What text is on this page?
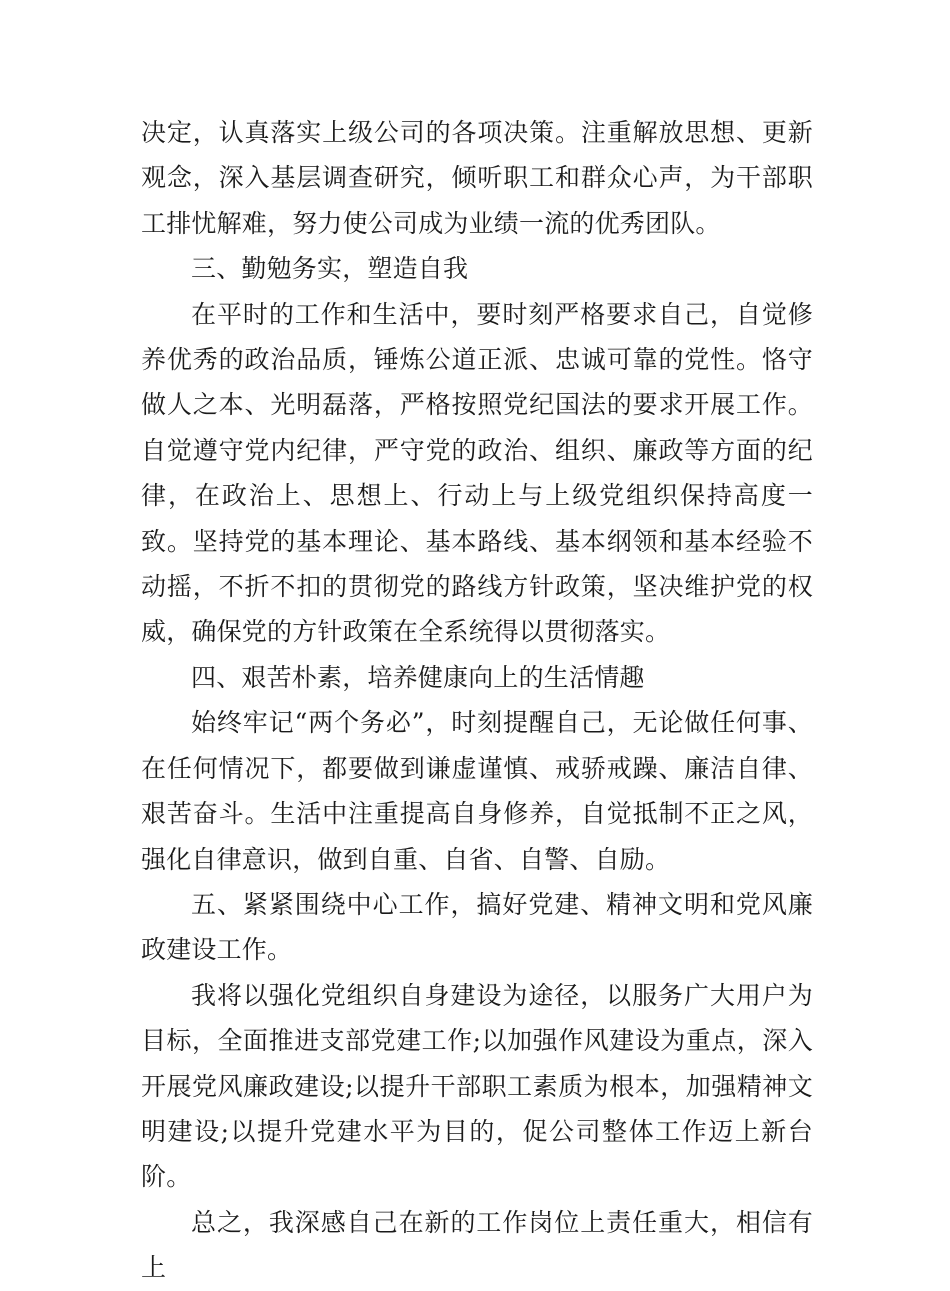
决定，认真落实上级公司的各项决策。注重解放思想、更新观念，深入基层调查研究，倾听职工和群众心声，为干部职工排忧解难，努力使公司成为业绩一流的优秀团队。

三、勤勉务实，塑造自我

在平时的工作和生活中，要时刻严格要求自己，自觉修养优秀的政治品质，锤炼公道正派、忠诚可靠的党性。恪守做人之本、光明磊落，严格按照党纪国法的要求开展工作。自觉遵守党内纪律，严守党的政治、组织、廉政等方面的纪律，在政治上、思想上、行动上与上级党组织保持高度一致。坚持党的基本理论、基本路线、基本纲领和基本经验不动摇，不折不扣的贯彻党的路线方针政策，坚决维护党的权威，确保党的方针政策在全系统得以贯彻落实。

四、艰苦朴素，培养健康向上的生活情趣

始终牢记“两个务必”，时刻提醒自己，无论做任何事、在任何情况下，都要做到谦虚谨慎、戒骄戒躁、廉洁自律、艰苦奋斗。生活中注重提高自身修养，自觉抵制不正之风，强化自律意识，做到自重、自省、自警、自励。

五、紧紧围绕中心工作，搞好党建、精神文明和党风廉政建设工作。

我将以强化党组织自身建设为途径，以服务广大用户为目标，全面推进支部党建工作;以加强作风建设为重点，深入开展党风廉政建设;以提升干部职工素质为根本，加强精神文明建设;以提升党建水平为目的，促公司整体工作迈上新台阶。

总之，我深感自己在新的工作岗位上责任重大，相信有上
